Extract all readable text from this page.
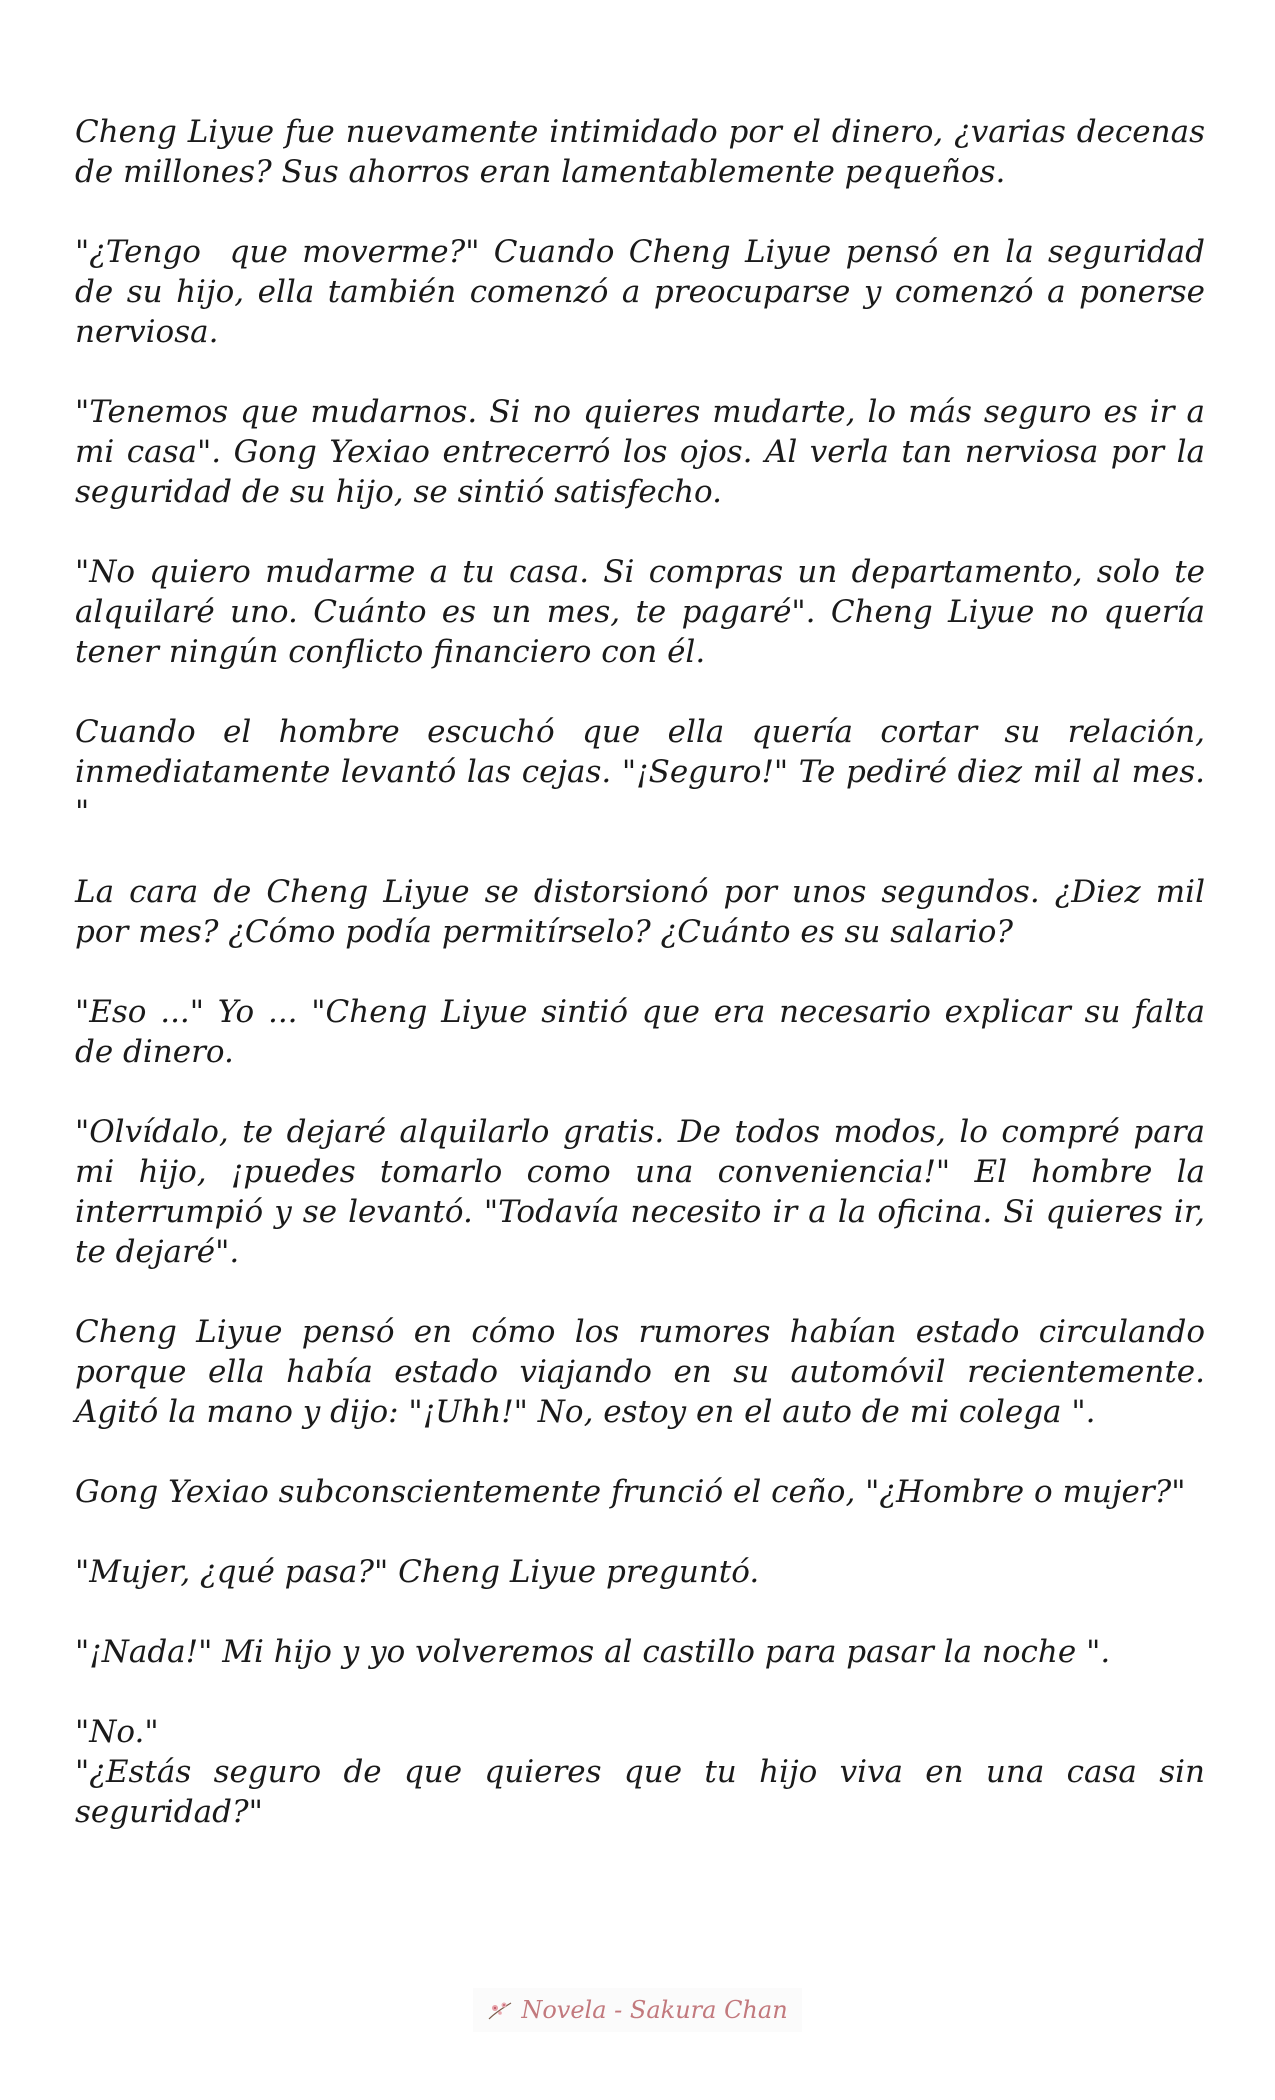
Cheng Liyue fue nuevamente intimidado por el dinero, ¿varias decenas de millones? Sus ahorros eran lamentablemente pequeños.

"¿Tengo  que moverme?" Cuando Cheng Liyue pensó en la seguridad de su hijo, ella también comenzó a preocuparse y comenzó a ponerse nerviosa.

"Tenemos que mudarnos. Si no quieres mudarte, lo más seguro es ir a mi casa". Gong Yexiao entrecerró los ojos. Al verla tan nerviosa por la seguridad de su hijo, se sintió satisfecho.

"No quiero mudarme a tu casa. Si compras un departamento, solo te alquilaré uno. Cuánto es un mes, te pagaré". Cheng Liyue no quería tener ningún conflicto financiero con él.

Cuando el hombre escuchó que ella quería cortar su relación, inmediatamente levantó las cejas. "¡Seguro!" Te pediré diez mil al mes. "

La cara de Cheng Liyue se distorsionó por unos segundos. ¿Diez mil por mes? ¿Cómo podía permitírselo? ¿Cuánto es su salario?

"Eso ..." Yo ... "Cheng Liyue sintió que era necesario explicar su falta de dinero.

"Olvídalo, te dejaré alquilarlo gratis. De todos modos, lo compré para mi hijo, ¡puedes tomarlo como una conveniencia!" El hombre la interrumpió y se levantó. "Todavía necesito ir a la oficina. Si quieres ir, te dejaré".

Cheng Liyue pensó en cómo los rumores habían estado circulando porque ella había estado viajando en su automóvil recientemente. Agitó la mano y dijo: "¡Uhh!" No, estoy en el auto de mi colega ".

Gong Yexiao subconscientemente frunció el ceño, "¿Hombre o mujer?"

"Mujer, ¿qué pasa?" Cheng Liyue preguntó.

"¡Nada!" Mi hijo y yo volveremos al castillo para pasar la noche ".

"No."

"¿Estás seguro de que quieres que tu hijo viva en una casa sin seguridad?"

Novela - Sakura Chan
